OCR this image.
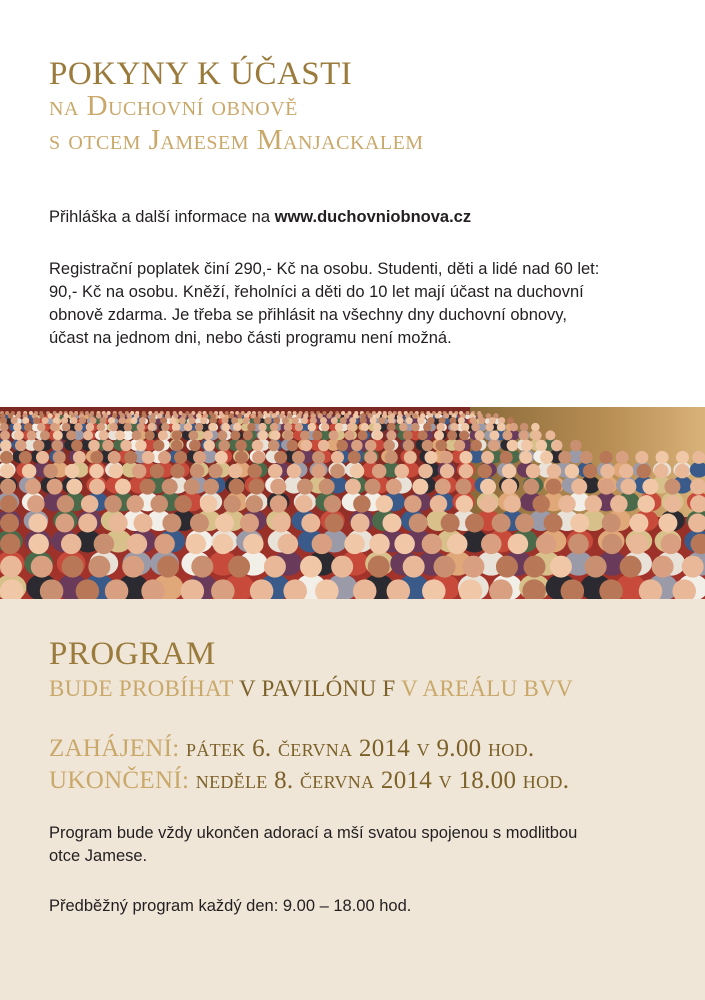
POKYNY K ÚČASTI
na Duchovní obnově
s otcem Jamesem Manjackalem
Přihláška a další informace na www.duchovniobnova.cz
Registrační poplatek činí 290,- Kč na osobu. Studenti, děti a lidé nad 60 let:
90,- Kč na osobu. Kněží, řeholníci a děti do 10 let mají účast na duchovní
obnově zdarma. Je třeba se přihlásit na všechny dny duchovní obnovy,
účast na jednom dni, nebo části programu není možná.
PROGRAM
BUDE PROBÍHAT V PAVILÓNU F V AREÁLU BVV
ZAHÁJENÍ: pátek 6. června 2014 v 9.00 hod.
UKONČENÍ: neděle 8. června 2014 v 18.00 hod.
Program bude vždy ukončen adorací a mší svatou spojenou s modlitbou
otce Jamese.
Předběžný program každý den: 9.00 – 18.00 hod.
